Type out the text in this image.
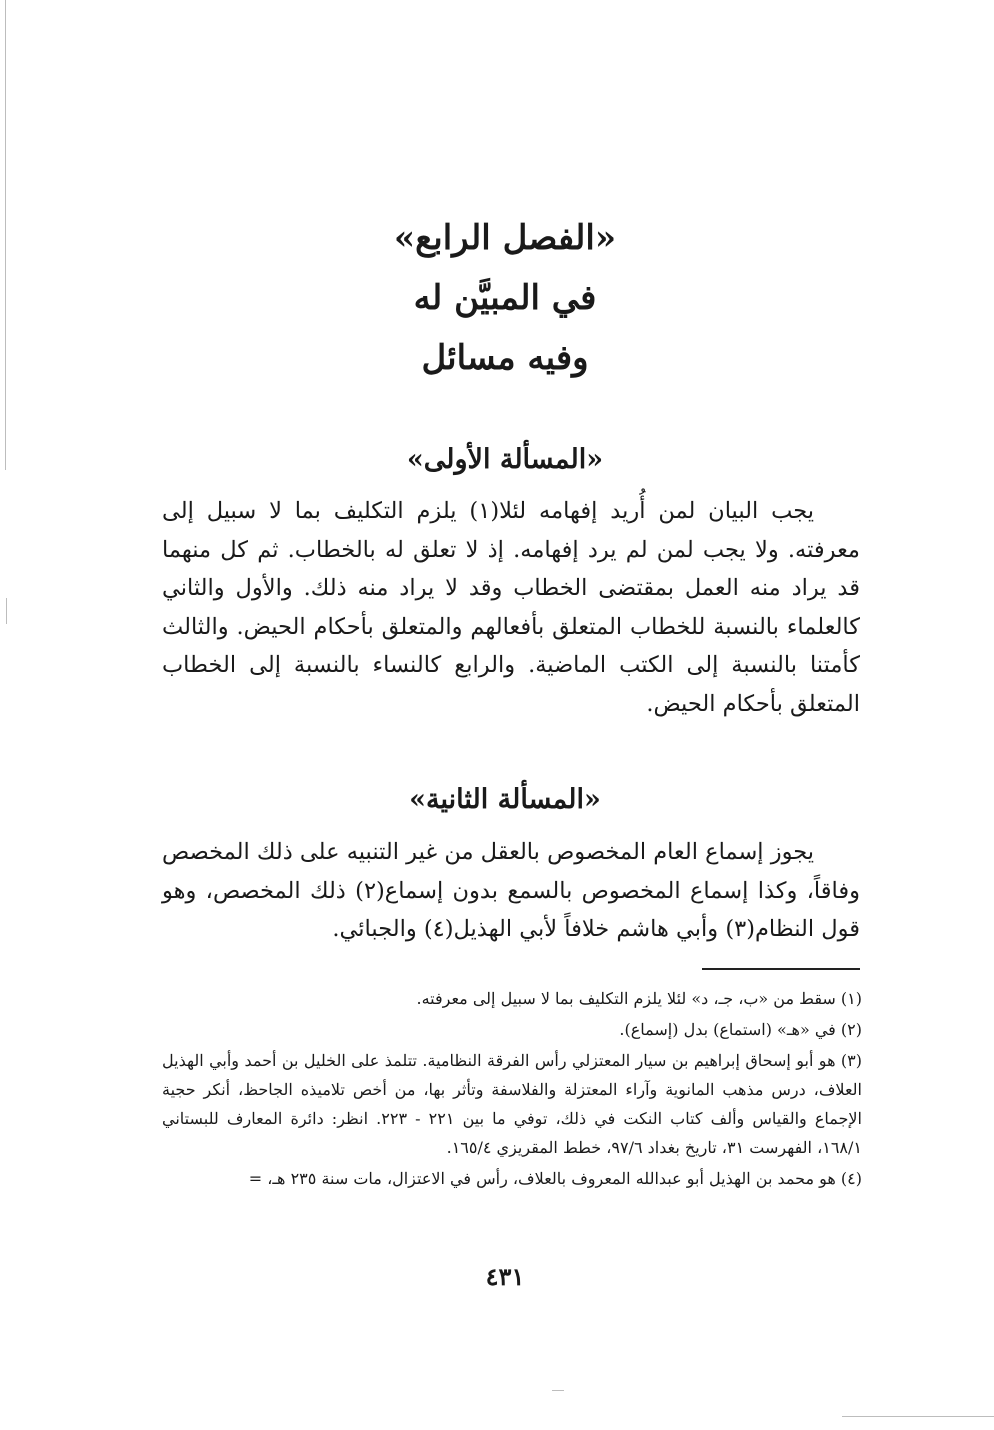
«الفصل الرابع»
في المبيَّن له
وفيه مسائل
«المسألة الأولى»

يجب البيان لمن أُريد إفهامه لئلا(١) يلزم التكليف بما لا سبيل إلى معرفته. ولا يجب لمن لم يرد إفهامه. إذ لا تعلق له بالخطاب. ثم كل منهما قد يراد منه العمل بمقتضى الخطاب وقد لا يراد منه ذلك. والأول والثاني كالعلماء بالنسبة للخطاب المتعلق بأفعالهم والمتعلق بأحكام الحيض. والثالث كأمتنا بالنسبة إلى الكتب الماضية. والرابع كالنساء بالنسبة إلى الخطاب المتعلق بأحكام الحيض.

«المسألة الثانية»

يجوز إسماع العام المخصوص بالعقل من غير التنبيه على ذلك المخصص وفاقاً، وكذا إسماع المخصوص بالسمع بدون إسماع(٢) ذلك المخصص، وهو قول النظام(٣) وأبي هاشم خلافاً لأبي الهذيل(٤) والجبائي.

(١) سقط من «ب، جـ، د» لئلا يلزم التكليف بما لا سبيل إلى معرفته.

(٢) في «هـ» (استماع) بدل (إسماع).

(٣) هو أبو إسحاق إبراهيم بن سيار المعتزلي رأس الفرقة النظامية. تتلمذ على الخليل بن أحمد وأبي الهذيل العلاف، درس مذهب المانوية وآراء المعتزلة والفلاسفة وتأثر بها، من أخص تلاميذه الجاحظ، أنكر حجية الإجماع والقياس وألف كتاب النكت في ذلك، توفي ما بين ٢٢١ - ٢٢٣. انظر: دائرة المعارف للبستاني ١٦٨/١، الفهرست ٣١، تاريخ بغداد ٩٧/٦، خطط المقريزي ١٦٥/٤.

(٤) هو محمد بن الهذيل أبو عبدالله المعروف بالعلاف، رأس في الاعتزال، مات سنة ٢٣٥ هـ، =

٤٣١
